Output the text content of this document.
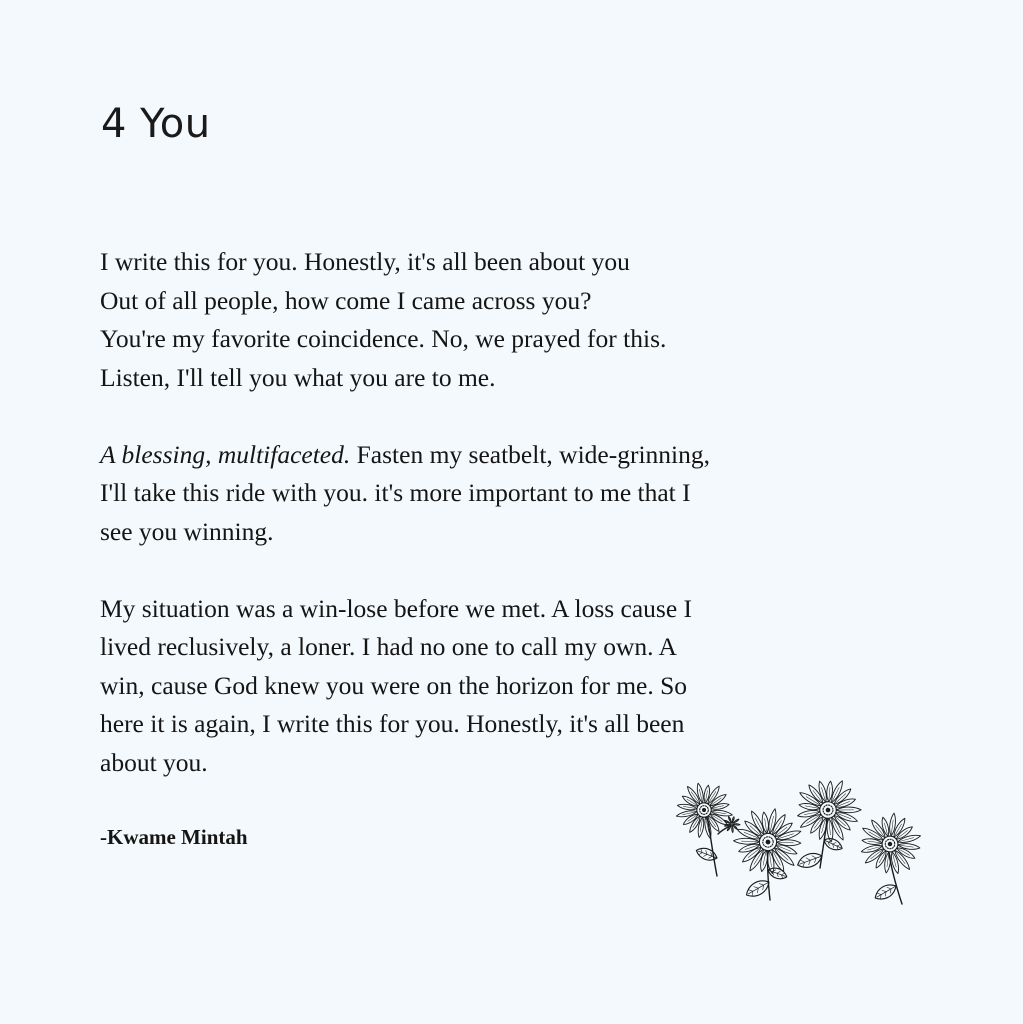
4 You

I write this for you. Honestly, it's all been about you
Out of all people, how come I came across you?
You're my favorite coincidence. No, we prayed for this.
Listen, I'll tell you what you are to me.

A blessing, multifaceted. Fasten my seatbelt, wide-grinning,
I'll take this ride with you. it's more important to me that I
see you winning.

My situation was a win-lose before we met. A loss cause I
lived reclusively, a loner. I had no one to call my own. A
win, cause God knew you were on the horizon for me. So
here it is again, I write this for you. Honestly, it's all been
about you.

-Kwame Mintah
